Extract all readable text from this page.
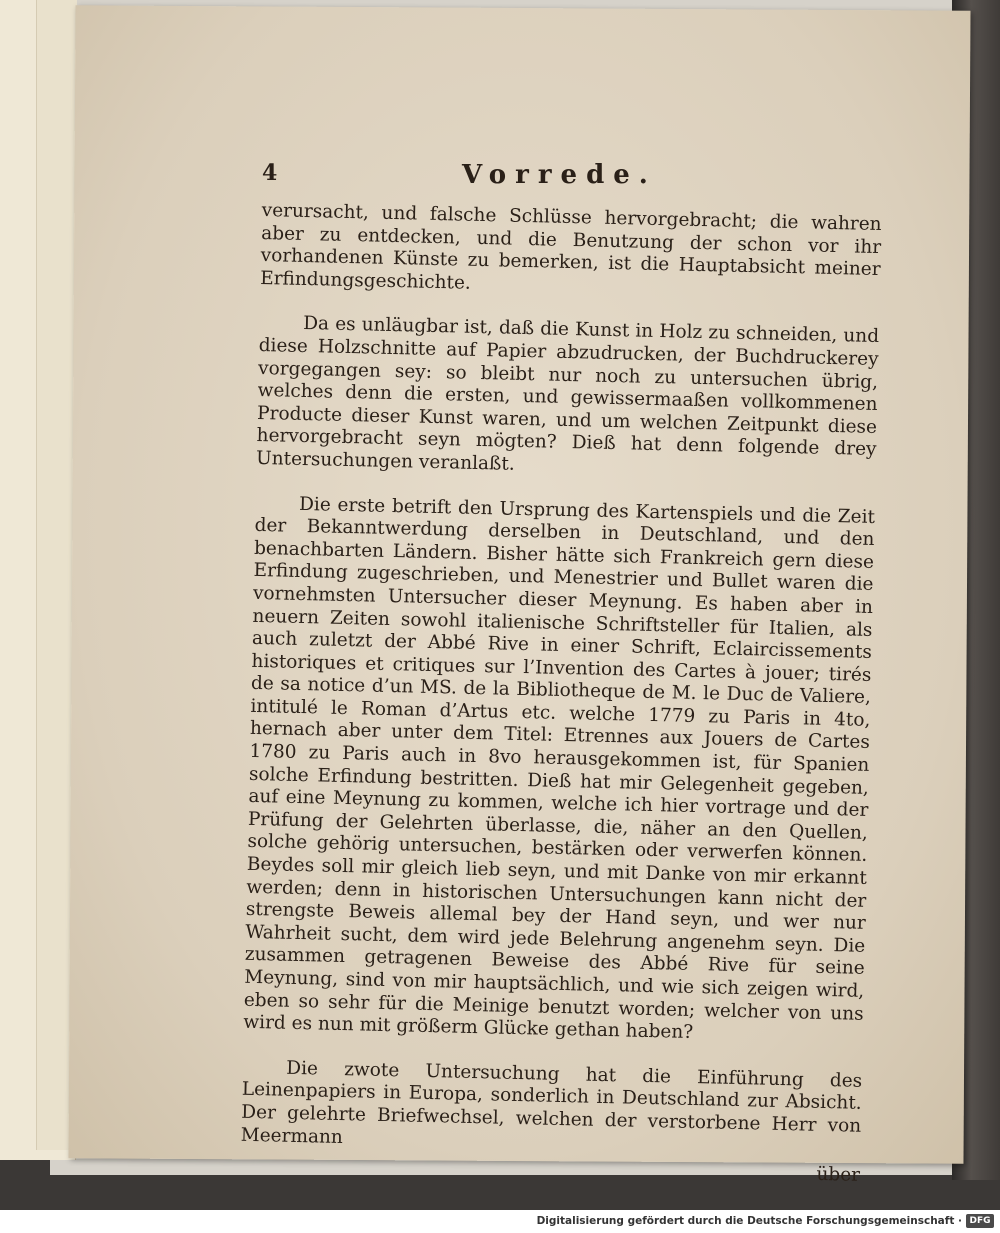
4	Vorrede.

verursacht, und falsche Schlüsse hervorgebracht; die wahren aber zu entdecken, und die Benutzung der schon vor ihr vorhandenen Künste zu bemerken, ist die Hauptabsicht meiner Erfindungsgeschichte.

Da es unläugbar ist, daß die Kunst in Holz zu schneiden, und diese Holzschnitte auf Papier abzudrucken, der Buchdruckerey vorgegangen sey: so bleibt nur noch zu untersuchen übrig, welches denn die ersten, und gewissermaaßen vollkommenen Producte dieser Kunst waren, und um welchen Zeitpunkt diese hervorgebracht seyn mögten? Dieß hat denn folgende drey Untersuchungen veranlaßt.

Die erste betrift den Ursprung des Kartenspiels und die Zeit der Bekanntwerdung derselben in Deutschland, und den benachbarten Ländern. Bisher hätte sich Frankreich gern diese Erfindung zugeschrieben, und Menestrier und Bullet waren die vornehmsten Untersucher dieser Meynung. Es haben aber in neuern Zeiten sowohl italienische Schriftsteller für Italien, als auch zuletzt der Abbé Rive in einer Schrift, Eclaircissements historiques et critiques sur l’Invention des Cartes à jouer; tirés de sa notice d’un MS. de la Bibliotheque de M. le Duc de Valiere, intitulé le Roman d’Artus etc. welche 1779 zu Paris in 4to, hernach aber unter dem Titel: Etrennes aux Jouers de Cartes 1780 zu Paris auch in 8vo herausgekommen ist, für Spanien solche Erfindung bestritten. Dieß hat mir Gelegenheit gegeben, auf eine Meynung zu kommen, welche ich hier vortrage und der Prüfung der Gelehrten überlasse, die, näher an den Quellen, solche gehörig untersuchen, bestärken oder verwerfen können. Beydes soll mir gleich lieb seyn, und mit Danke von mir erkannt werden; denn in historischen Untersuchungen kann nicht der strengste Beweis allemal bey der Hand seyn, und wer nur Wahrheit sucht, dem wird jede Belehrung angenehm seyn. Die zusammen getragenen Beweise des Abbé Rive für seine Meynung, sind von mir hauptsächlich, und wie sich zeigen wird, eben so sehr für die Meinige benutzt worden; welcher von uns wird es nun mit größerm Glücke gethan haben?

Die zwote Untersuchung hat die Einführung des Leinenpapiers in Europa, sonderlich in Deutschland zur Absicht. Der gelehrte Briefwechsel, welchen der verstorbene Herr von Meermann

über

Digitalisierung gefördert durch die Deutsche Forschungsgemeinschaft · DFG
